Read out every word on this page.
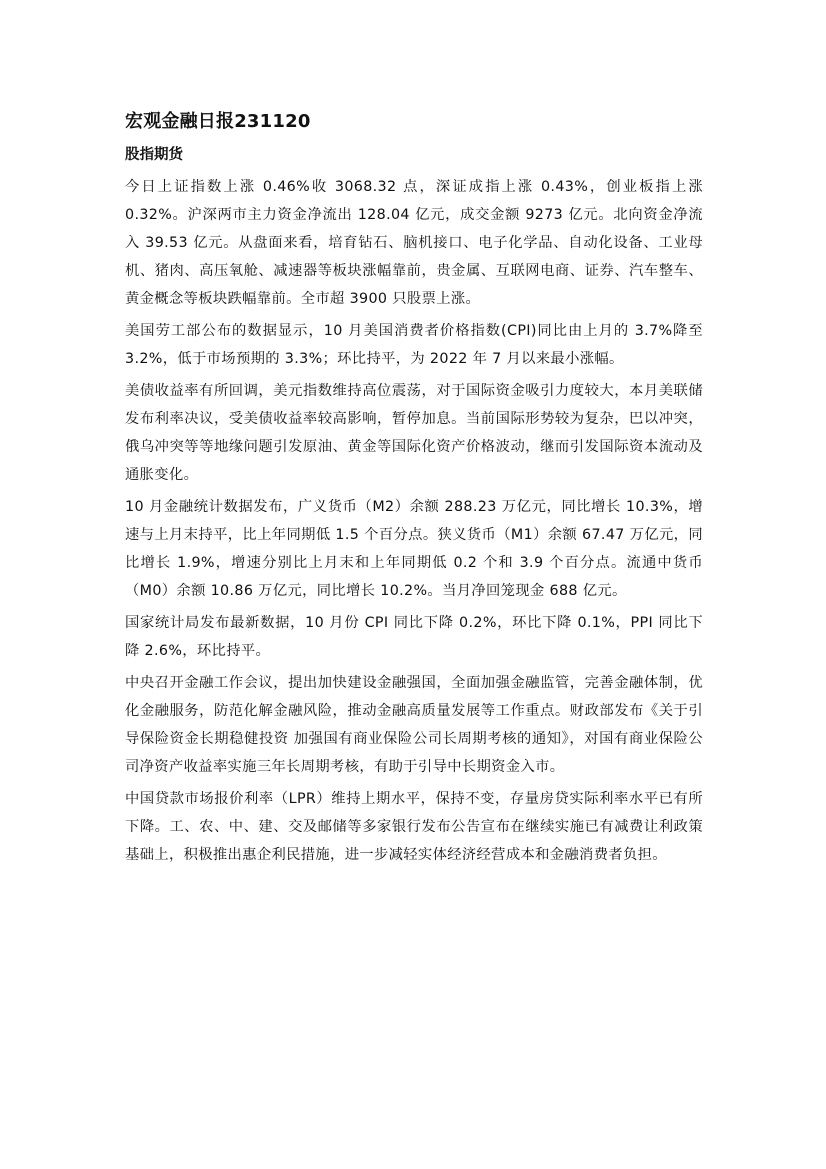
宏观金融日报231120
股指期货

今日上证指数上涨 0.46%收 3068.32 点，深证成指上涨 0.43%，创业板指上涨 0.32%。沪深两市主力资金净流出 128.04 亿元，成交金额 9273 亿元。北向资金净流入 39.53 亿元。从盘面来看，培育钻石、脑机接口、电子化学品、自动化设备、工业母机、猪肉、高压氧舱、减速器等板块涨幅靠前，贵金属、互联网电商、证券、汽车整车、黄金概念等板块跌幅靠前。全市超 3900 只股票上涨。

美国劳工部公布的数据显示，10 月美国消费者价格指数(CPI)同比由上月的 3.7%降至 3.2%，低于市场预期的 3.3%；环比持平，为 2022 年 7 月以来最小涨幅。

美债收益率有所回调，美元指数维持高位震荡，对于国际资金吸引力度较大，本月美联储发布利率决议，受美债收益率较高影响，暂停加息。当前国际形势较为复杂，巴以冲突，俄乌冲突等等地缘问题引发原油、黄金等国际化资产价格波动，继而引发国际资本流动及通胀变化。

10 月金融统计数据发布，广义货币（M2）余额 288.23 万亿元，同比增长 10.3%，增速与上月末持平，比上年同期低 1.5 个百分点。狭义货币（M1）余额 67.47 万亿元，同比增长 1.9%，增速分别比上月末和上年同期低 0.2 个和 3.9 个百分点。流通中货币（M0）余额 10.86 万亿元，同比增长 10.2%。当月净回笼现金 688 亿元。

国家统计局发布最新数据，10 月份 CPI 同比下降 0.2%，环比下降 0.1%，PPI 同比下降 2.6%，环比持平。

中央召开金融工作会议，提出加快建设金融强国，全面加强金融监管，完善金融体制，优化金融服务，防范化解金融风险，推动金融高质量发展等工作重点。财政部发布《关于引导保险资金长期稳健投资 加强国有商业保险公司长周期考核的通知》，对国有商业保险公司净资产收益率实施三年长周期考核，有助于引导中长期资金入市。

中国贷款市场报价利率（LPR）维持上期水平，保持不变，存量房贷实际利率水平已有所下降。工、农、中、建、交及邮储等多家银行发布公告宣布在继续实施已有减费让利政策基础上，积极推出惠企利民措施，进一步减轻实体经济经营成本和金融消费者负担。
